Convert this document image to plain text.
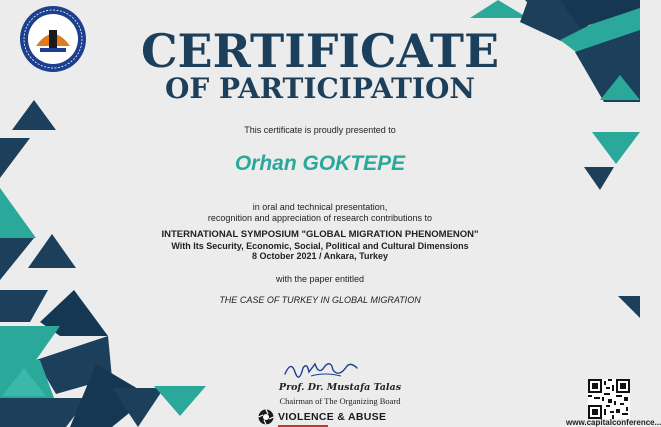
CERTIFICATE
OF PARTICIPATION

This certificate is proudly presented to

Orhan GOKTEPE

in oral and technical presentation,
recognition and appreciation of research contributions to
INTERNATIONAL SYMPOSIUM "GLOBAL MIGRATION PHENOMENON"
With Its Security, Economic, Social, Political and Cultural Dimensions
8 October 2021 / Ankara, Turkey

with the paper entitled

THE CASE OF TURKEY IN GLOBAL MIGRATION

Prof. Dr. Mustafa Talas

Chairman of The Organizing Board

VIOLENCE & ABUSE	www.capitalconference...
